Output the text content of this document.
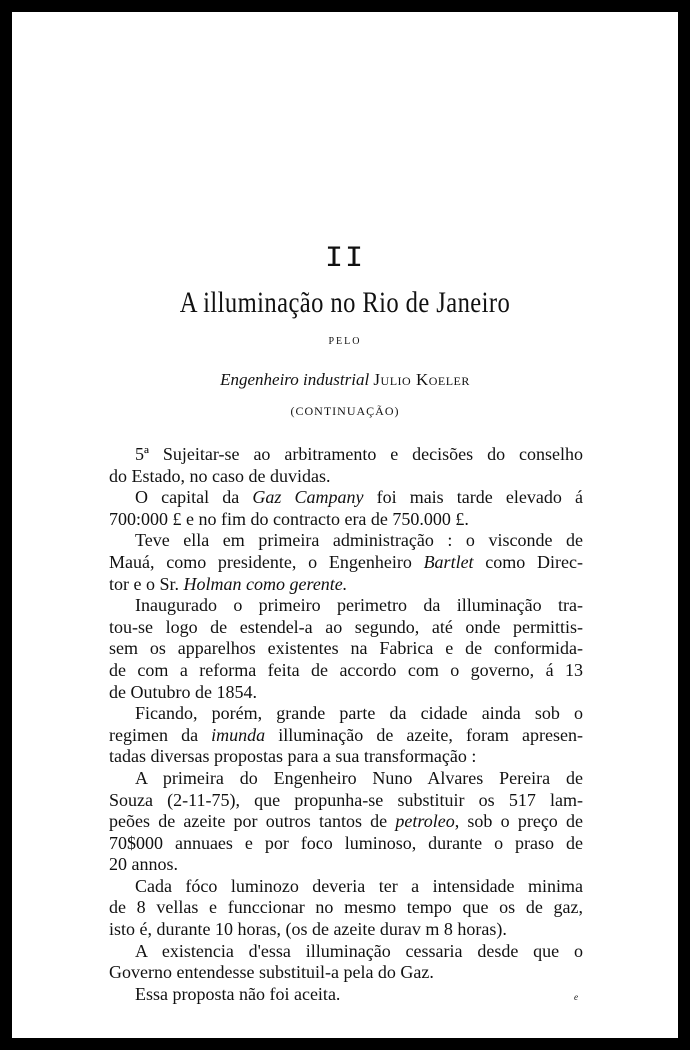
II
A illuminação no Rio de Janeiro
PELO
Engenheiro industrial Julio Koeler
(CONTINUAÇÃO)
5ª Sujeitar-se ao arbitramento e decisões do conselho
do Estado, no caso de duvidas.
O capital da Gaz Campany foi mais tarde elevado á
700:000 £ e no fim do contracto era de 750.000 £.
Teve ella em primeira administração : o visconde de
Mauá, como presidente, o Engenheiro Bartlet como Direc-
tor e o Sr. Holman como gerente.
Inaugurado o primeiro perimetro da illuminação tra-
tou-se logo de estendel-a ao segundo, até onde permittis-
sem os apparelhos existentes na Fabrica e de conformida-
de com a reforma feita de accordo com o governo, á 13
de Outubro de 1854.
Ficando, porém, grande parte da cidade ainda sob o
regimen da imunda illuminação de azeite, foram apresen-
tadas diversas propostas para a sua transformação :
A primeira do Engenheiro Nuno Alvares Pereira de
Souza (2-11-75), que propunha-se substituir os 517 lam-
peões de azeite por outros tantos de petroleo, sob o preço de
70$000 annuaes e por foco luminoso, durante o praso de
20 annos.
Cada fóco luminozo deveria ter a intensidade minima
de 8 vellas e funccionar no mesmo tempo que os de gaz,
isto é, durante 10 horas, (os de azeite durav m 8 horas).
A existencia d'essa illuminação cessaria desde que o
Governo entendesse substituil-a pela do Gaz.
Essa proposta não foi aceita.	e
